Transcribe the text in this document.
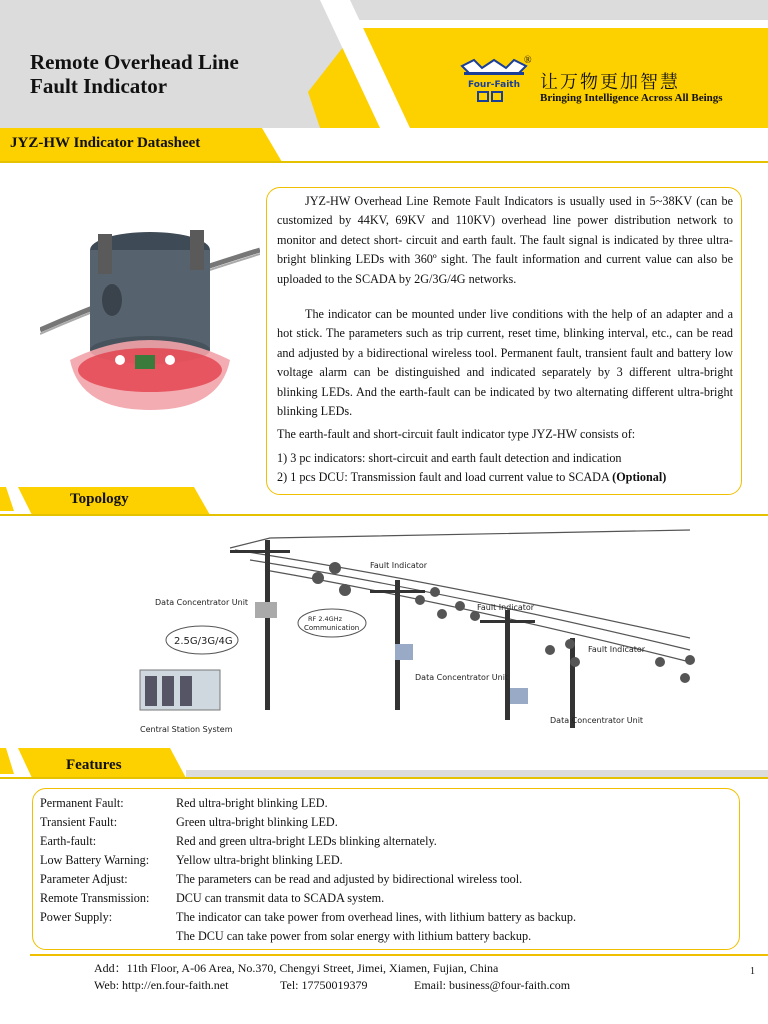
Remote Overhead Line
Fault Indicator	Four-Faith
®
让万物更加智慧
Bringing Intelligence Across All Beings
JYZ-HW Indicator Datasheet

JYZ-HW Overhead Line Remote Fault Indicators is usually used in 5~38KV (can be customized by 44KV, 69KV and 110KV) overhead line power distribution network to monitor and detect short- circuit and earth fault. The fault signal is indicated by three ultra-bright blinking LEDs with 360º sight. The fault information and current value can also be uploaded to the SCADA by 2G/3G/4G networks.

The indicator can be mounted under live conditions with the help of an adapter and a hot stick. The parameters such as trip current, reset time, blinking interval, etc., can be read and adjusted by a bidirectional wireless tool. Permanent fault, transient fault and battery low voltage alarm can be distinguished and indicated separately by 3 different ultra-bright blinking LEDs. And the earth-fault can be indicated by two alternating different ultra-bright blinking LEDs.

The earth-fault and short-circuit fault indicator type JYZ-HW consists of:

1) 3 pc indicators: short-circuit and earth fault detection and indication

2) 1 pcs DCU: Transmission fault and load current value to SCADA (Optional)

Topology
Fault Indicator
Fault Indicator
Fault Indicator
Data Concentrator Unit
Data Concentrator Unit
Data Concentrator Unit
RF 2.4GHz
Communication
2.5G/3G/4G
Central Station System
Features
Permanent Fault:	Red ultra-bright blinking LED.
Transient Fault:	Green ultra-bright blinking LED.
Earth-fault:	Red and green ultra-bright LEDs blinking alternately.
Low Battery Warning:	Yellow ultra-bright blinking LED.
Parameter Adjust:	The parameters can be read and adjusted by bidirectional wireless tool.
Remote Transmission:	DCU can transmit data to SCADA system.
Power Supply:	The indicator can take power from overhead lines, with lithium battery as backup.
The DCU can take power from solar energy with lithium battery backup.
Add：11th Floor, A-06 Area, No.370, Chengyi Street, Jimei, Xiamen, Fujian, China
Web: http://en.four-faith.net	Tel: 17750019379	Email: business@four-faith.com
1
